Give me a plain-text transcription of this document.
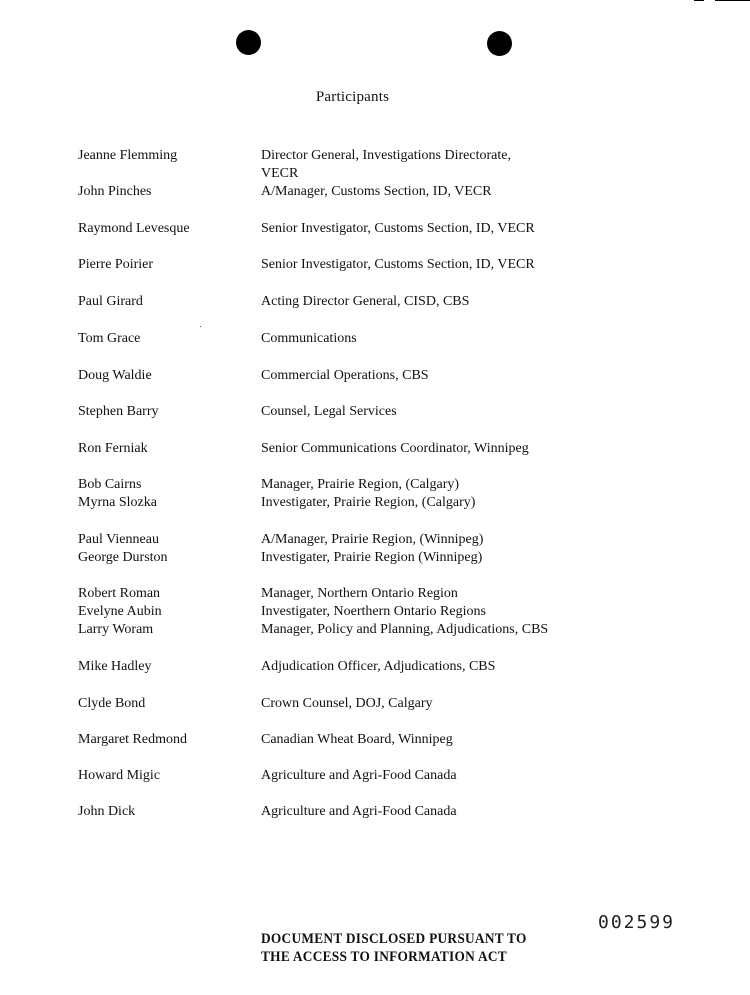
Participants
Jeanne Flemming	Director General, Investigations Directorate,
VECR
John Pinches	A/Manager, Customs Section, ID, VECR
Raymond Levesque	Senior Investigator, Customs Section, ID, VECR
Pierre Poirier	Senior Investigator, Customs Section, ID, VECR
Paul Girard	Acting Director General, CISD, CBS
Tom Grace	Communications
Doug Waldie	Commercial Operations, CBS
Stephen Barry	Counsel, Legal Services
Ron Ferniak	Senior Communications Coordinator, Winnipeg
Bob Cairns	Manager, Prairie Region, (Calgary)
Myrna Slozka	Investigater, Prairie Region, (Calgary)
Paul Vienneau	A/Manager, Prairie Region, (Winnipeg)
George Durston	Investigater, Prairie Region (Winnipeg)
Robert Roman	Manager, Northern Ontario Region
Evelyne Aubin	Investigater, Noerthern Ontario Regions
Larry Woram	Manager, Policy and Planning, Adjudications, CBS
Mike Hadley	Adjudication Officer, Adjudications, CBS
Clyde Bond	Crown Counsel, DOJ, Calgary
Margaret Redmond	Canadian Wheat Board, Winnipeg
Howard Migic	Agriculture and Agri-Food Canada
John Dick	Agriculture and Agri-Food Canada
002599
DOCUMENT DISCLOSED PURSUANT TO
THE ACCESS TO INFORMATION ACT
